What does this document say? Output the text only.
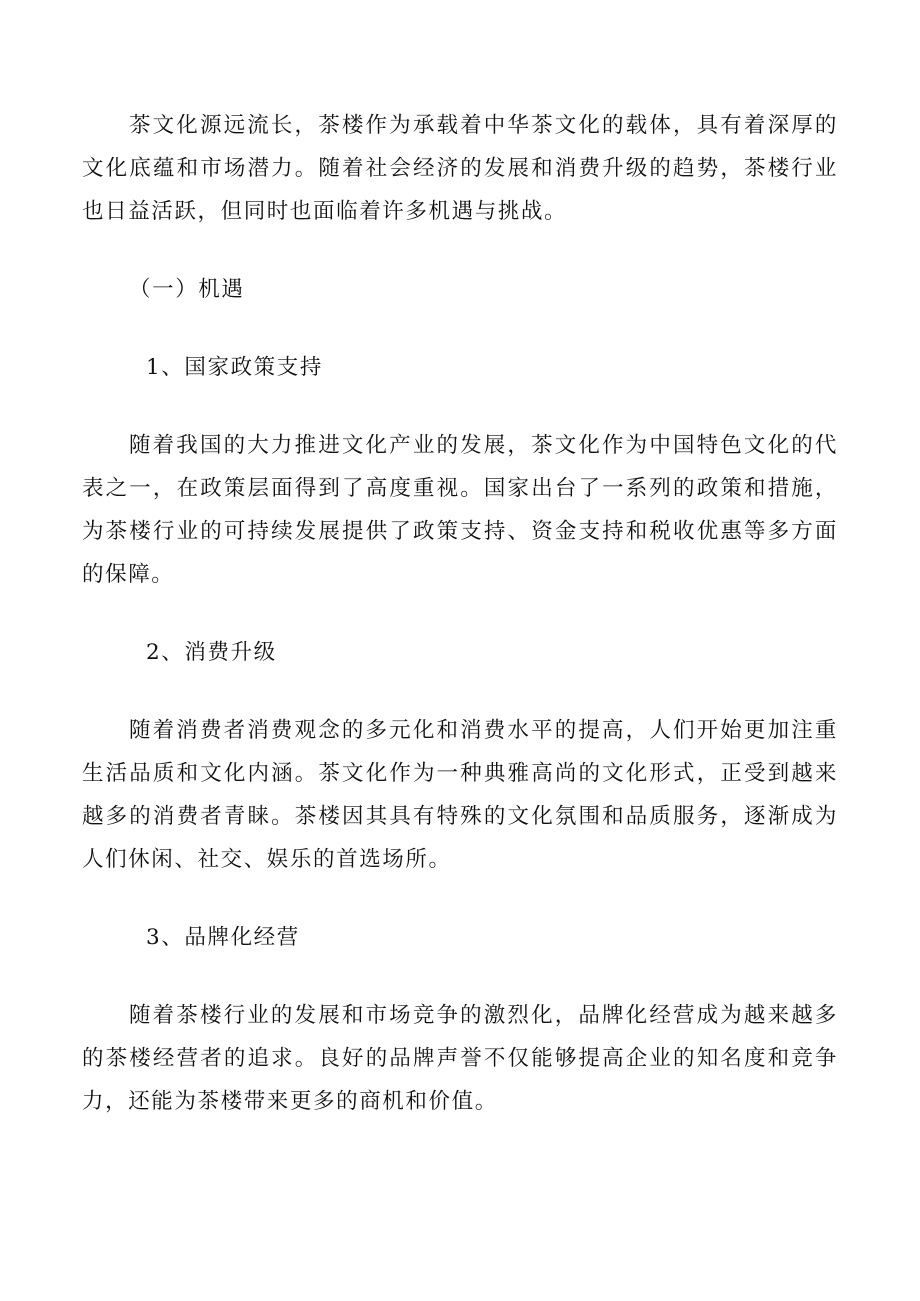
茶文化源远流长，茶楼作为承载着中华茶文化的载体，具有着深厚的文化底蕴和市场潜力。随着社会经济的发展和消费升级的趋势，茶楼行业也日益活跃，但同时也面临着许多机遇与挑战。

（一）机遇

1、国家政策支持

随着我国的大力推进文化产业的发展，茶文化作为中国特色文化的代表之一，在政策层面得到了高度重视。国家出台了一系列的政策和措施，为茶楼行业的可持续发展提供了政策支持、资金支持和税收优惠等多方面的保障。

2、消费升级

随着消费者消费观念的多元化和消费水平的提高，人们开始更加注重生活品质和文化内涵。茶文化作为一种典雅高尚的文化形式，正受到越来越多的消费者青睐。茶楼因其具有特殊的文化氛围和品质服务，逐渐成为人们休闲、社交、娱乐的首选场所。

3、品牌化经营

随着茶楼行业的发展和市场竞争的激烈化，品牌化经营成为越来越多的茶楼经营者的追求。良好的品牌声誉不仅能够提高企业的知名度和竞争力，还能为茶楼带来更多的商机和价值。
